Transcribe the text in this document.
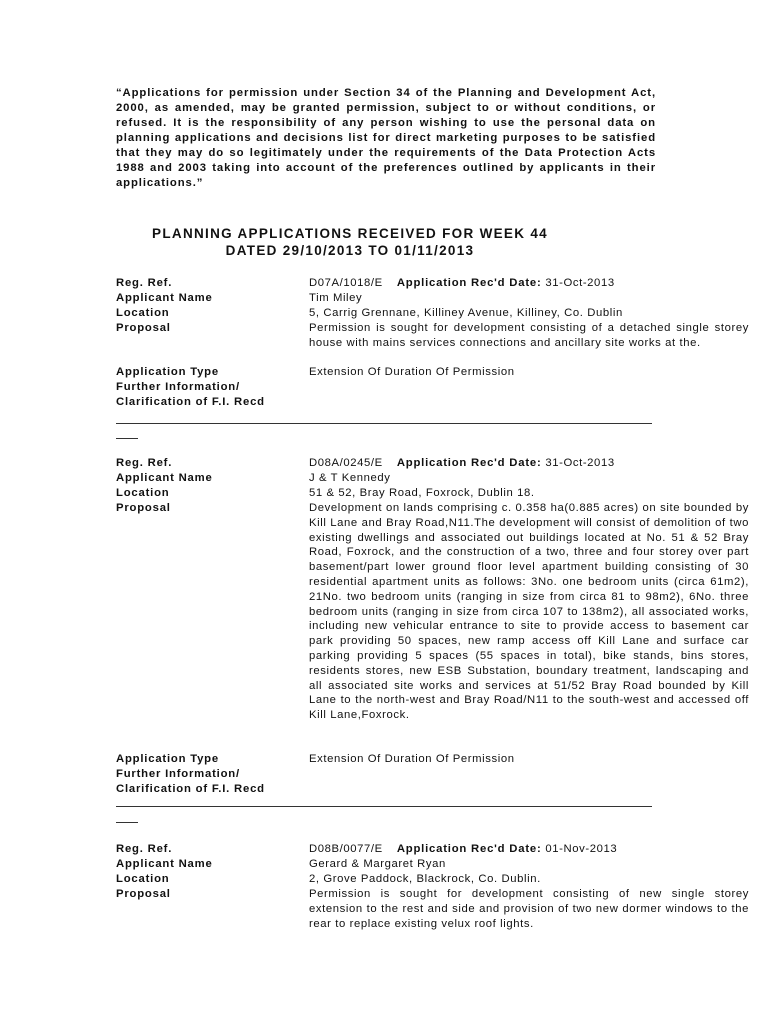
“Applications for permission under Section 34 of the Planning and Development Act, 2000, as amended, may be granted permission, subject to or without conditions, or refused. It is the responsibility of any person wishing to use the personal data on planning applications and decisions list for direct marketing purposes to be satisfied that they may do so legitimately under the requirements of the Data Protection Acts 1988 and 2003 taking into account of the preferences outlined by applicants in their applications.”

PLANNING APPLICATIONS RECEIVED FOR WEEK 44

DATED 29/10/2013 TO 01/11/2013

Reg. Ref.	D07A/1018/E Application Rec'd Date: 31-Oct-2013
Applicant Name	Tim Miley
Location	5, Carrig Grennane, Killiney Avenue, Killiney, Co. Dublin
Proposal	Permission is sought for development consisting of a detached single storey house with mains services connections and ancillary site works at the.

Application Type	Extension Of Duration Of Permission
Further Information/
Clarification of F.I. Recd
Reg. Ref.	D08A/0245/E Application Rec'd Date: 31-Oct-2013
Applicant Name	J & T Kennedy
Location	51 & 52, Bray Road, Foxrock, Dublin 18.
Proposal	Development on lands comprising c. 0.358 ha(0.885 acres) on site bounded by Kill Lane and Bray Road,N11.The development will consist of demolition of two existing dwellings and associated out buildings located at No. 51 & 52 Bray Road, Foxrock, and the construction of a two, three and four storey over part basement/part lower ground floor level apartment building consisting of 30 residential apartment units as follows: 3No. one bedroom units (circa 61m2), 21No. two bedroom units (ranging in size from circa 81 to 98m2), 6No. three bedroom units (ranging in size from circa 107 to 138m2), all associated works, including new vehicular entrance to site to provide access to basement car park providing 50 spaces, new ramp access off Kill Lane and surface car parking providing 5 spaces (55 spaces in total), bike stands, bins stores, residents stores, new ESB Substation, boundary treatment, landscaping and all associated site works and services at 51/52 Bray Road bounded by Kill Lane to the north-west and Bray Road/N11 to the south-west and accessed off Kill Lane,Foxrock.

Application Type	Extension Of Duration Of Permission
Further Information/
Clarification of F.I. Recd
Reg. Ref.	D08B/0077/E Application Rec'd Date: 01-Nov-2013
Applicant Name	Gerard & Margaret Ryan
Location	2, Grove Paddock, Blackrock, Co. Dublin.
Proposal	Permission is sought for development consisting of new single storey extension to the rest and side and provision of two new dormer windows to the rear to replace existing velux roof lights.
